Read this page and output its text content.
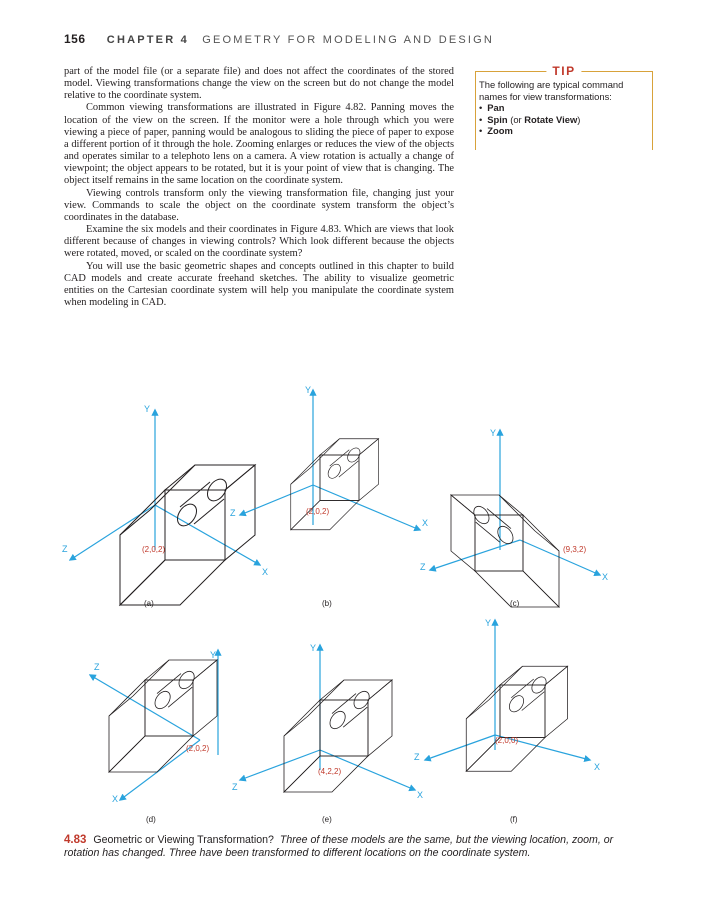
156 CHAPTER 4 GEOMETRY FOR MODELING AND DESIGN

part of the model file (or a separate file) and does not affect the coordinates of the stored model. Viewing transformations change the view on the screen but do not change the model relative to the coordinate system.

Common viewing transformations are illustrated in Figure 4.82. Panning moves the location of the view on the screen. If the monitor were a hole through which you were viewing a piece of paper, panning would be analogous to sliding the piece of paper to expose a different portion of it through the hole. Zooming enlarges or reduces the view of the objects and operates similar to a telephoto lens on a camera. A view rotation is actually a change of viewpoint; the object appears to be rotated, but it is your point of view that is changing. The object itself remains in the same location on the coordinate system.

Viewing controls transform only the viewing transformation file, changing just your view. Commands to scale the object on the coordinate system transform the object’s coordinates in the database.

Examine the six models and their coordinates in Figure 4.83. Which are views that look different because of changes in viewing controls? Which look different because the objects were rotated, moved, or scaled on the coordinate system?

You will use the basic geometric shapes and concepts outlined in this chapter to build CAD models and create accurate freehand sketches. The ability to visualize geometric entities on the Cartesian coordinate system will help you manipulate the coordinate system when modeling in CAD.

TIP
The following are typical command names for view transformations:
• Pan
• Spin (or Rotate View)
• Zoom
Y
Z
X
(2,0,2)
(a)
Y
Z
X
(2,0,2)
(b)
Y
Z
X
(9,3,2)
(c)
Y
Z
X
(2,0,2)
(d)
Y
Z
X
(4,2,2)
(e)
Y
Z
X
(2,0,0)
(f)
4.83 Geometric or Viewing Transformation? Three of these models are the same, but the viewing location, zoom, or rotation has changed. Three have been transformed to different locations on the coordinate system.
